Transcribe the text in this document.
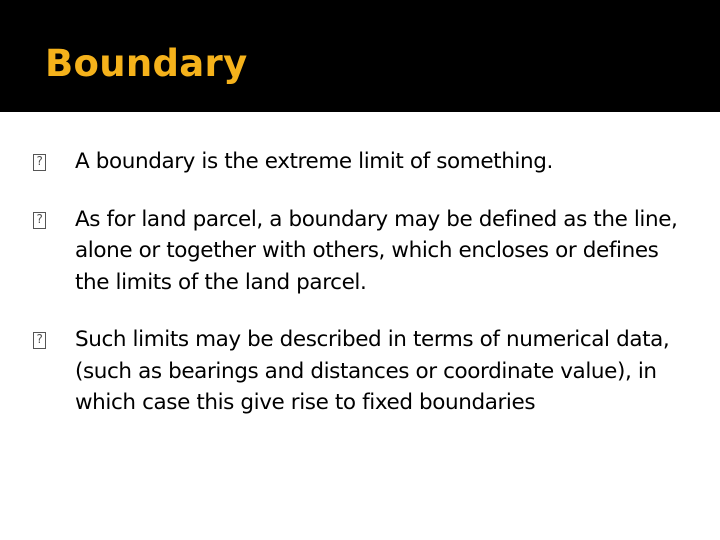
Boundary
? A boundary is the extreme limit of something.
? As for land parcel, a boundary may be defined as the line, alone or together with others, which encloses or defines the limits of the land parcel.
? Such limits may be described in terms of numerical data, (such as bearings and distances or coordinate value), in which case this give rise to fixed boundaries
